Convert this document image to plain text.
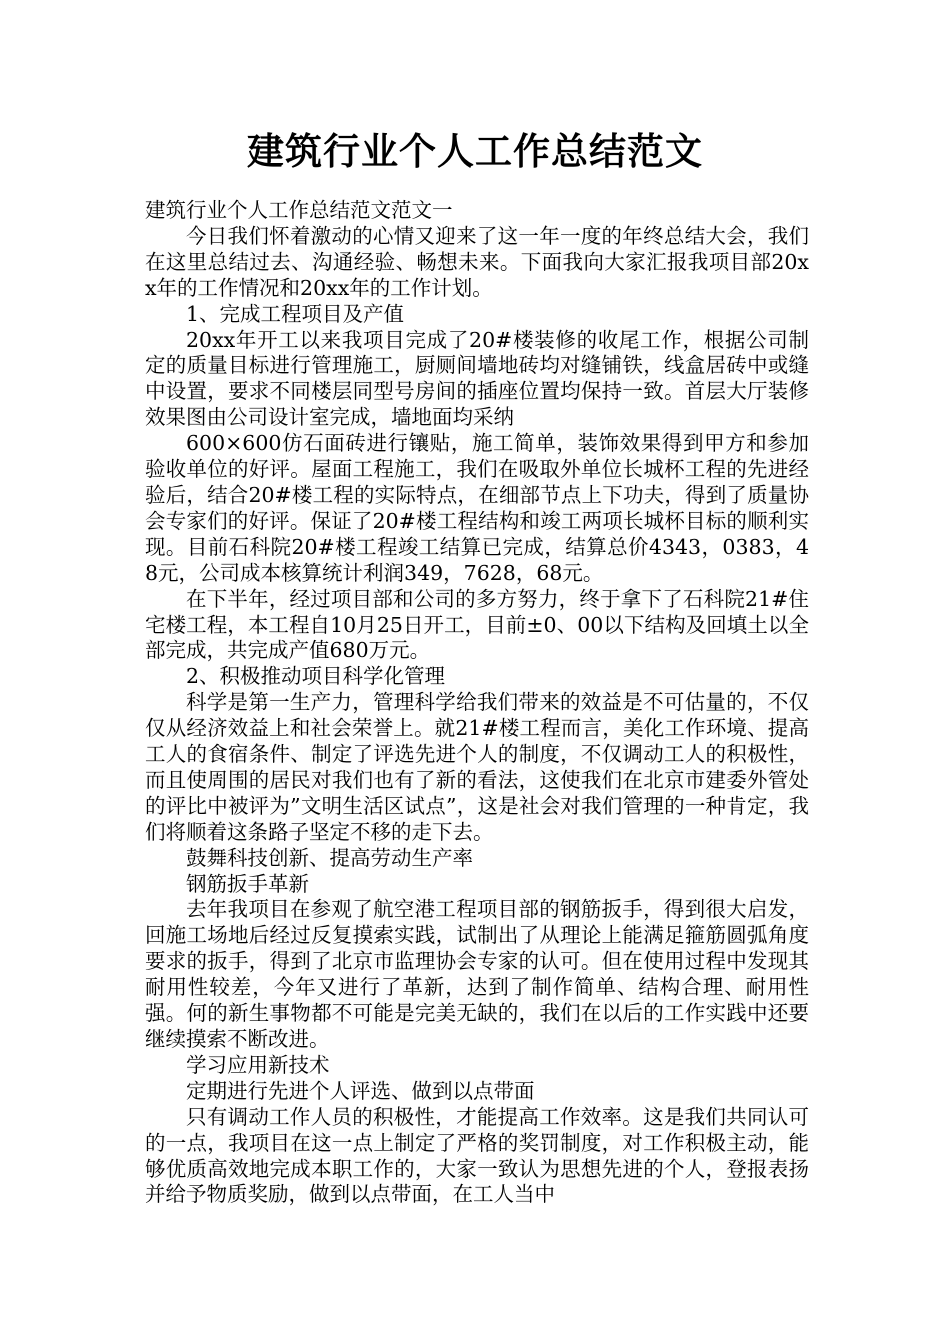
建筑行业个人工作总结范文

建筑行业个人工作总结范文范文一

今日我们怀着激动的心情又迎来了这一年一度的年终总结大会，我们在这里总结过去、沟通经验、畅想未来。下面我向大家汇报我项目部20xx年的工作情况和20xx年的工作计划。

1、完成工程项目及产值

20xx年开工以来我项目完成了20#楼装修的收尾工作，根据公司制定的质量目标进行管理施工，厨厕间墙地砖均对缝铺铁，线盒居砖中或缝中设置，要求不同楼层同型号房间的插座位置均保持一致。首层大厅装修效果图由公司设计室完成，墙地面均采纳

600×600仿石面砖进行镶贴，施工简单，装饰效果得到甲方和参加验收单位的好评。屋面工程施工，我们在吸取外单位长城杯工程的先进经验后，结合20#楼工程的实际特点，在细部节点上下功夫，得到了质量协会专家们的好评。保证了20#楼工程结构和竣工两项长城杯目标的顺利实现。目前石科院20#楼工程竣工结算已完成，结算总价4343，0383，48元，公司成本核算统计利润349，7628，68元。

在下半年，经过项目部和公司的多方努力，终于拿下了石科院21#住宅楼工程，本工程自10月25日开工，目前±0、00以下结构及回填土以全部完成，共完成产值680万元。

2、积极推动项目科学化管理

科学是第一生产力，管理科学给我们带来的效益是不可估量的，不仅仅从经济效益上和社会荣誉上。就21#楼工程而言，美化工作环境、提高工人的食宿条件、制定了评选先进个人的制度，不仅调动工人的积极性，而且使周围的居民对我们也有了新的看法，这使我们在北京市建委外管处的评比中被评为”文明生活区试点”，这是社会对我们管理的一种肯定，我们将顺着这条路子坚定不移的走下去。

鼓舞科技创新、提高劳动生产率

钢筋扳手革新

去年我项目在参观了航空港工程项目部的钢筋扳手，得到很大启发，回施工场地后经过反复摸索实践，试制出了从理论上能满足箍筋圆弧角度要求的扳手，得到了北京市监理协会专家的认可。但在使用过程中发现其耐用性较差，今年又进行了革新，达到了制作简单、结构合理、耐用性强。何的新生事物都不可能是完美无缺的，我们在以后的工作实践中还要继续摸索不断改进。

学习应用新技术

定期进行先进个人评选、做到以点带面

只有调动工作人员的积极性，才能提高工作效率。这是我们共同认可的一点，我项目在这一点上制定了严格的奖罚制度，对工作积极主动，能够优质高效地完成本职工作的，大家一致认为思想先进的个人，登报表扬并给予物质奖励，做到以点带面，在工人当中
